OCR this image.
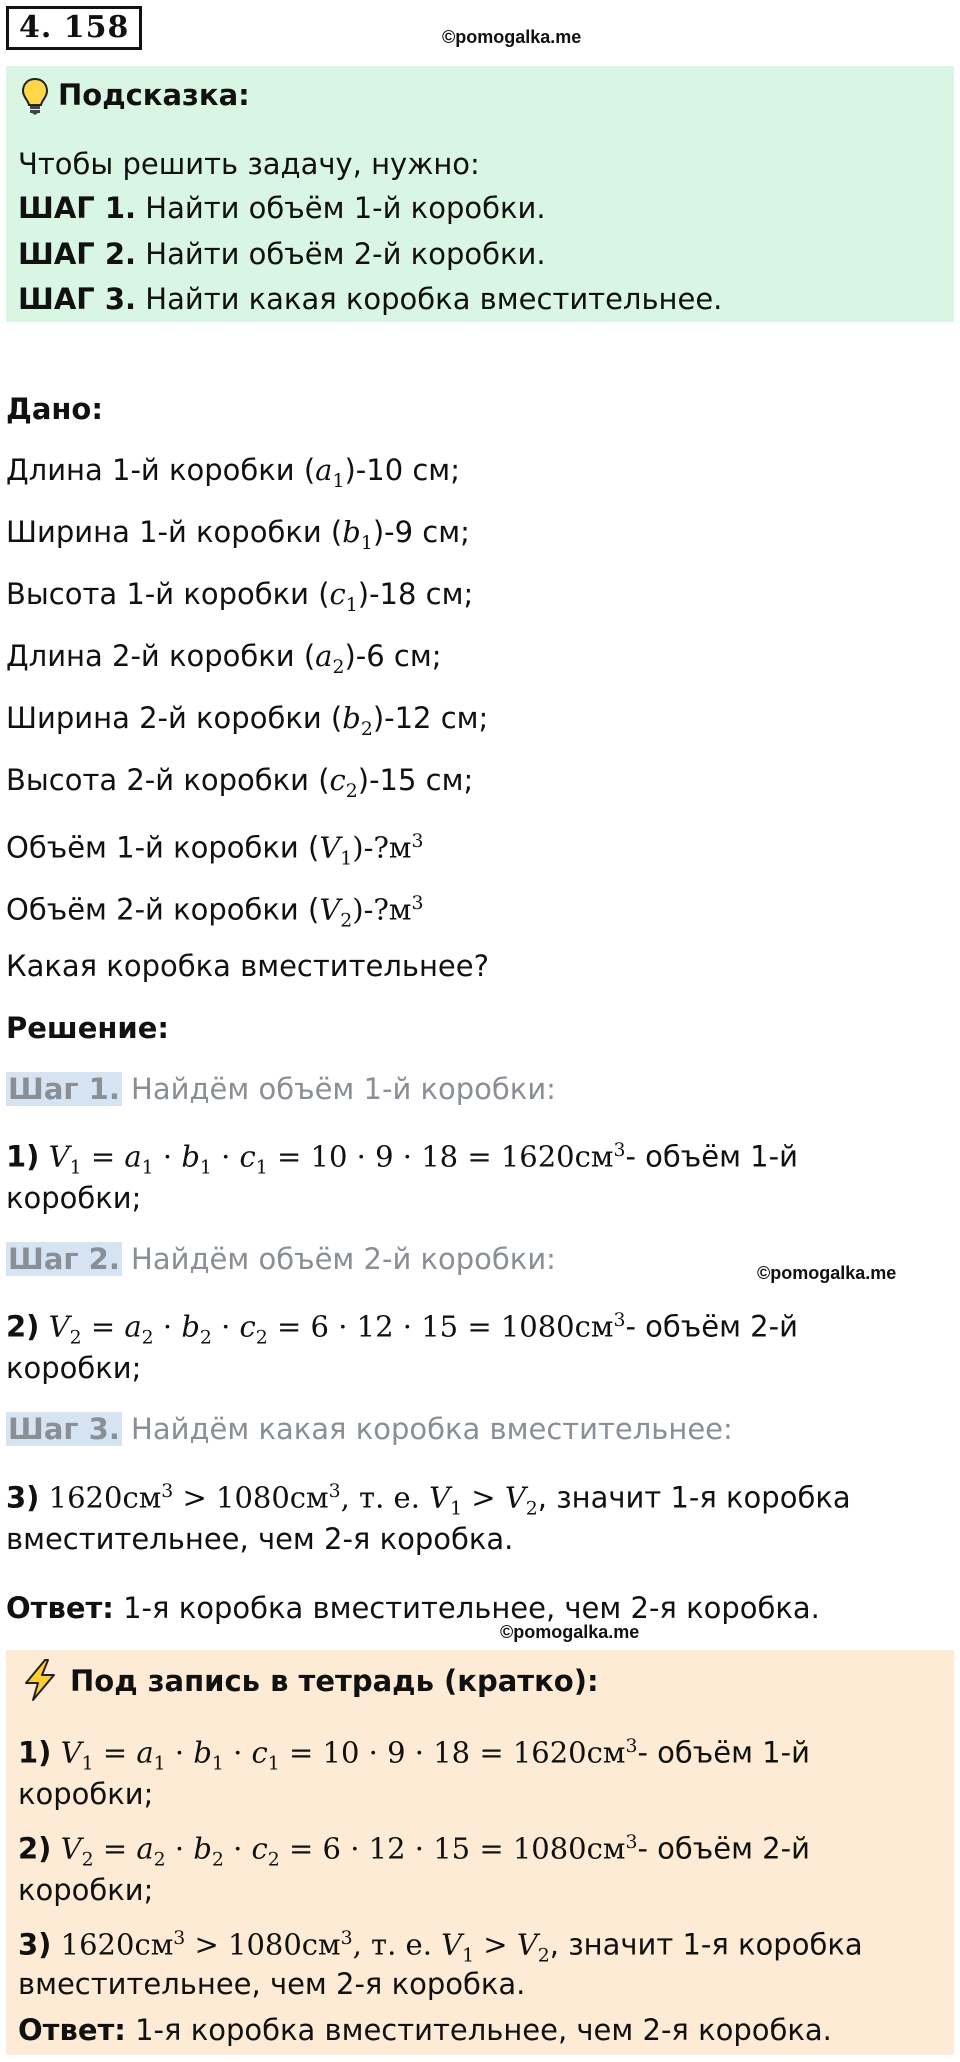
4. 158	©pomogalka.me
Подсказка:
Чтобы решить задачу, нужно:
ШАГ 1. Найти объём 1-й коробки.
ШАГ 2. Найти объём 2-й коробки.
ШАГ 3. Найти какая коробка вместительнее.
Дано:
Длина 1-й коробки $(a_1)-10$ см;
Ширина 1-й коробки $(b_1)-9$ см;
Высота 1-й коробки $(c_1)-18$ см;
Длина 2-й коробки $(a_2)-6$ см;
Ширина 2-й коробки $(b_2)-12$ см;
Высота 2-й коробки $(c_2)-15$ см;
Объём 1-й коробки $(V_1)-?м^3$
Объём 2-й коробки $(V_2)-?м^3$
Какая коробка вместительнее?
Решение:
Шаг 1. Найдём объём 1-й коробки:
1) $V_1 = a_1 \cdot b_1 \cdot c_1 = 10 \cdot 9 \cdot 18 = 1620см^3-$ объём 1-й
коробки;
Шаг 2. Найдём объём 2-й коробки:	©pomogalka.me
2) $V_2 = a_2 \cdot b_2 \cdot c_2 = 6 \cdot 12 \cdot 15 = 1080см^3-$ объём 2-й
коробки;
Шаг 3. Найдём какая коробка вместительнее:
3) $1620см^3 > 1080см^3$, т. е. $V_1 > V_2$, значит 1-я коробка
вместительнее, чем 2-я коробка.
Ответ: 1-я коробка вместительнее, чем 2-я коробка.
©pomogalka.me
Под запись в тетрадь (кратко):
1) $V_1 = a_1 \cdot b_1 \cdot c_1 = 10 \cdot 9 \cdot 18 = 1620см^3-$ объём 1-й
коробки;
2) $V_2 = a_2 \cdot b_2 \cdot c_2 = 6 \cdot 12 \cdot 15 = 1080см^3-$ объём 2-й
коробки;
3) $1620см^3 > 1080см^3$, т. е. $V_1 > V_2$, значит 1-я коробка
вместительнее, чем 2-я коробка.
Ответ: 1-я коробка вместительнее, чем 2-я коробка.
